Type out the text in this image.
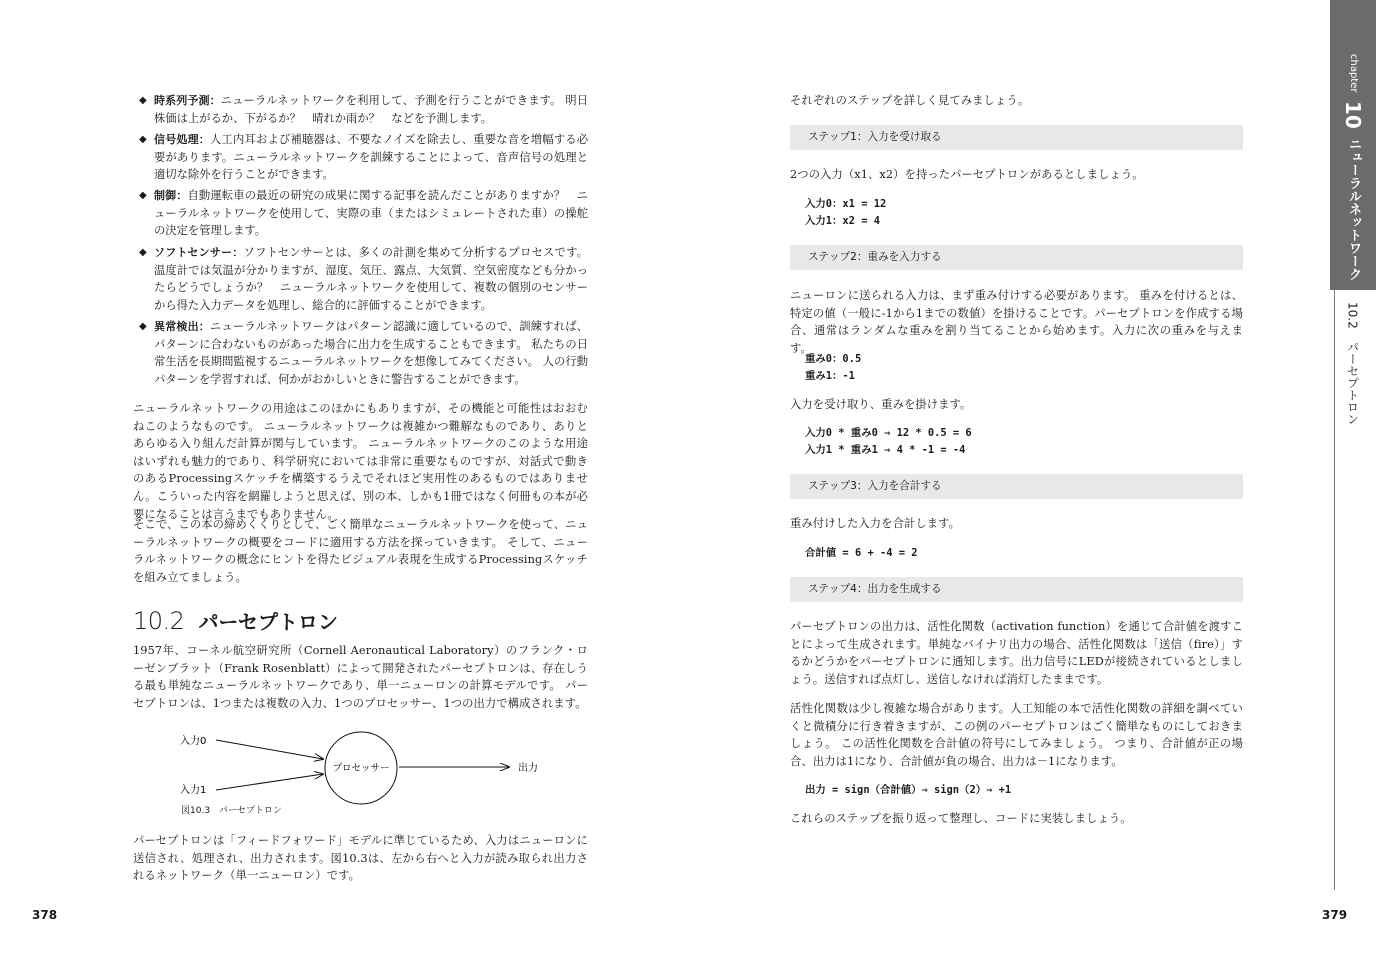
◆ 時系列予測：ニューラルネットワークを利用して、予測を行うことができます。 明日株価は上がるか、下がるか？　晴れか雨か？　などを予測します。
◆ 信号処理：人工内耳および補聴器は、不要なノイズを除去し、重要な音を増幅する必要があります。ニューラルネットワークを訓練することによって、音声信号の処理と適切な除外を行うことができます。
◆ 制御：自動運転車の最近の研究の成果に関する記事を読んだことがありますか？　ニューラルネットワークを使用して、実際の車（またはシミュレートされた車）の操舵の決定を管理します。
◆ ソフトセンサー：ソフトセンサーとは、多くの計測を集めて分析するプロセスです。 温度計では気温が分かりますが、湿度、気圧、露点、大気質、空気密度なども分かったらどうでしょうか？　ニューラルネットワークを使用して、複数の個別のセンサーから得た入力データを処理し、総合的に評価することができます。
◆ 異常検出：ニューラルネットワークはパターン認識に適しているので、訓練すれば、パターンに合わないものがあった場合に出力を生成することもできます。 私たちの日常生活を長期間監視するニューラルネットワークを想像してみてください。 人の行動パターンを学習すれば、何かがおかしいときに警告することができます。

ニューラルネットワークの用途はこのほかにもありますが、その機能と可能性はおおむねこのようなものです。 ニューラルネットワークは複雑かつ難解なものであり、ありとあらゆる入り組んだ計算が関与しています。 ニューラルネットワークのこのような用途はいずれも魅力的であり、科学研究においては非常に重要なものですが、対話式で動きのあるProcessingスケッチを構築するうえでそれほど実用性のあるものではありません。こういった内容を網羅しようと思えば、別の本、しかも1冊ではなく何冊もの本が必要になることは言うまでもありません。

そこで、この本の締めくくりとして、ごく簡単なニューラルネットワークを使って、ニューラルネットワークの概要をコードに適用する方法を探っていきます。 そして、ニューラルネットワークの概念にヒントを得たビジュアル表現を生成するProcessingスケッチを組み立てましょう。

10.2 パーセプトロン

1957年、コーネル航空研究所（Cornell Aeronautical Laboratory）のフランク・ローゼンブラット（Frank Rosenblatt）によって開発されたパーセプトロンは、存在しうる最も単純なニューラルネットワークであり、単一ニューロンの計算モデルです。 パーセプトロンは、1つまたは複数の入力、1つのプロセッサー、1つの出力で構成されます。

入力0
入力1
プロセッサー	出力
図10.3　パーセプトロン

パーセプトロンは「フィードフォワード」モデルに準じているため、入力はニューロンに送信され、処理され、出力されます。図10.3は、左から右へと入力が読み取られ出力されるネットワーク（単一ニューロン）です。

378

それぞれのステップを詳しく見てみましょう。

ステップ1：入力を受け取る

2つの入力（x1、x2）を持ったパーセプトロンがあるとしましょう。

入力0：x1 = 12
入力1：x2 = 4
ステップ2：重みを入力する

ニューロンに送られる入力は、まず重み付けする必要があります。 重みを付けるとは、特定の値（一般に-1から1までの数値）を掛けることです。パーセプトロンを作成する場合、通常はランダムな重みを割り当てることから始めます。入力に次の重みを与えます。

重み0：0.5
重み1：-1

入力を受け取り、重みを掛けます。

入力0 * 重み0 ⇒ 12 * 0.5 = 6
入力1 * 重み1 ⇒ 4 * -1 = -4
ステップ3：入力を合計する

重み付けした入力を合計します。

合計値 = 6 + -4 = 2
ステップ4：出力を生成する

パーセプトロンの出力は、活性化関数（activation function）を通じて合計値を渡すことによって生成されます。単純なバイナリ出力の場合、活性化関数は「送信（fire）」するかどうかをパーセプトロンに通知します。出力信号にLEDが接続されているとしましょう。送信すれば点灯し、送信しなければ消灯したままです。

活性化関数は少し複雑な場合があります。人工知能の本で活性化関数の詳細を調べていくと微積分に行き着きますが、この例のパーセプトロンはごく簡単なものにしておきましょう。 この活性化関数を合計値の符号にしてみましょう。 つまり、合計値が正の場合、出力は1になり、合計値が負の場合、出力は－1になります。

出力 = sign（合計値）⇒ sign（2）⇒ +1

これらのステップを振り返って整理し、コードに実装しましょう。

chapter 10 ニューラルネットワーク
10.2　パーセプトロン
379
